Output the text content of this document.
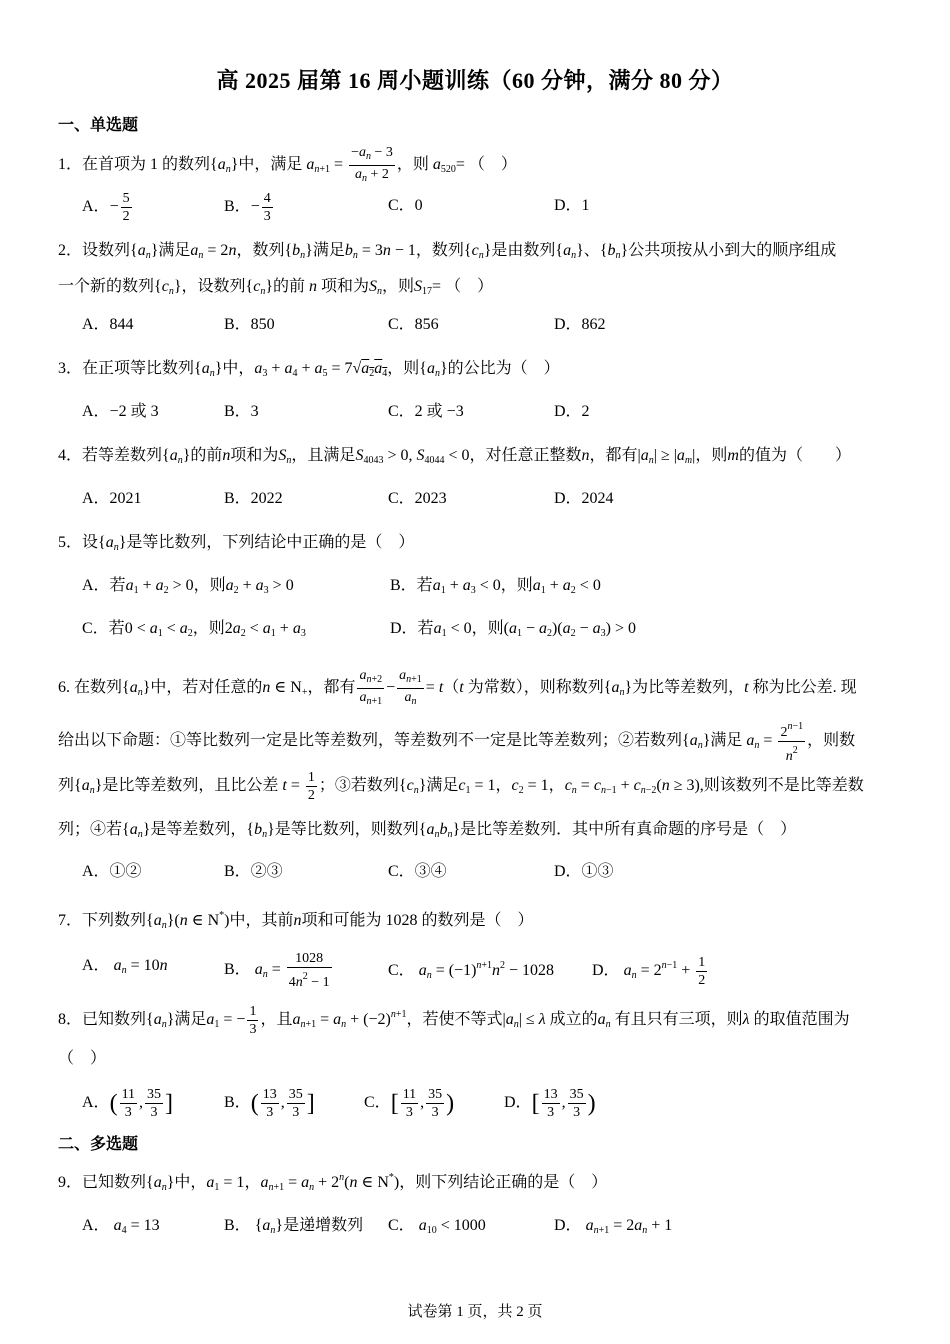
高 2025 届第 16 周小题训练（60 分钟，满分 80 分）
一、单选题
1．在首项为 1 的数列$\{a_n\}$中，满足 $a_{n+1} = \frac{-a_n - 3}{a_n + 2}$ ，则 $a_{520}=$ （　）
A．− $\frac{5}{2}$	B．− $\frac{4}{3}$	C．0	D．1
2．设数列$\{a_n\}$满足$a_n = 2n$，数列$\{b_n\}$满足$b_n = 3n - 1$，数列$\{c_n\}$是由数列$\{a_n\}$、$\{b_n\}$公共项按从小到大的顺序组成
一个新的数列$\{c_n\}$，设数列$\{c_n\}$的前 n 项和为$S_n$，则$S_{17}=$ （　）
A．844	B．850	C．856	D．862
3．在正项等比数列$\{a_n\}$中，$a_3 + a_4 + a_5 = 7√a_2a_4$，则$\{a_n\}$的公比为（　）
A．−2 或 3	B．3	C．2 或 −3	D．2
4．若等差数列$\{a_n\}$的前n项和为$S_n$，且满足$S_{4043} > 0$, $S_{4044} < 0$，对任意正整数n，都有$|a_n| \ge |a_m|$，则m的值为（　　）
A．2021	B．2022	C．2023	D．2024
5．设$\{a_n\}$是等比数列，下列结论中正确的是（　）
A．若$a_1 + a_2 > 0$，则$a_2 + a_3 > 0$	B．若$a_1 + a_3 < 0$，则$a_1 + a_2 < 0$
C．若$0 < a_1 < a_2$，则$2a_2 < a_1 + a_3$	D．若$a_1 < 0$，则$(a_1 - a_2)(a_2 - a_3) > 0$
6. 在数列$\{a_n\}$中，若对任意的n ∈ $N_+$，都有 $\frac{a_{n+2}}{a_{n+1}} - \frac{a_{n+1}}{a_n} = t(t$ 为常数），则称数列$\{a_n\}$为比等差数列，t 称为比公差. 现
给出以下命题：①等比数列一定是比等差数列，等差数列不一定是比等差数列；②若数列$\{a_n\}$满足 $a_n = \frac{2^{n-1}}{n^2}$ ，则数
列$\{a_n\}$是比等差数列，且比公差 $t = \frac{1}{2}$ ；③若数列$\{c_n\}$满足$c_1 = 1$，$c_2 = 1$，$c_n = c_{n-1} + c_{n-2}(n \ge 3)$,则该数列不是比等差数
列；④若$\{a_n\}$是等差数列，$\{b_n\}$是等比数列，则数列$\{a_nb_n\}$是比等差数列．其中所有真命题的序号是（　）
A．①②	B．②③	C．③④	D．①③
7．下列数列$\{a_n\}(n$ ∈ N*)中，其前n项和可能为 1028 的数列是（　）
A． $a_n = 10n$	B． $a_n = \frac{1028}{4n^2 - 1}$	C． $a_n = (-1)^{n+1}n^2 - 1028$ D． $a_n = 2^{n-1} + \frac{1}{2}$
8．已知数列$\{a_n\}$满足$a_1$ = − $\frac{1}{3}$ ，且$a_{n+1} = a_n + (-2)^{n+1}$，若使不等式$|a_n| \le \lambda$ 成立的$a_n$ 有且只有三项，则λ 的取值范围为
（　）
A．( $\frac{11}{3}$ , $\frac{35}{3}$ ]	B．( $\frac{13}{3}$ , $\frac{35}{3}$ ]	C．[ $\frac{11}{3}$ , $\frac{35}{3}$ )	D．[ $\frac{13}{3}$ , $\frac{35}{3}$ )
二、多选题
9．已知数列$\{a_n\}$中，$a_1 = 1$，$a_{n+1} = a_n + 2^n(n$ ∈ N*)，则下列结论正确的是（　）
A． $a_4 = 13$	B． $\{a_n\}$是递增数列 C． $a_{10} < 1000$	D． $a_{n+1} = 2a_n + 1$
试卷第 1 页，共 2 页
